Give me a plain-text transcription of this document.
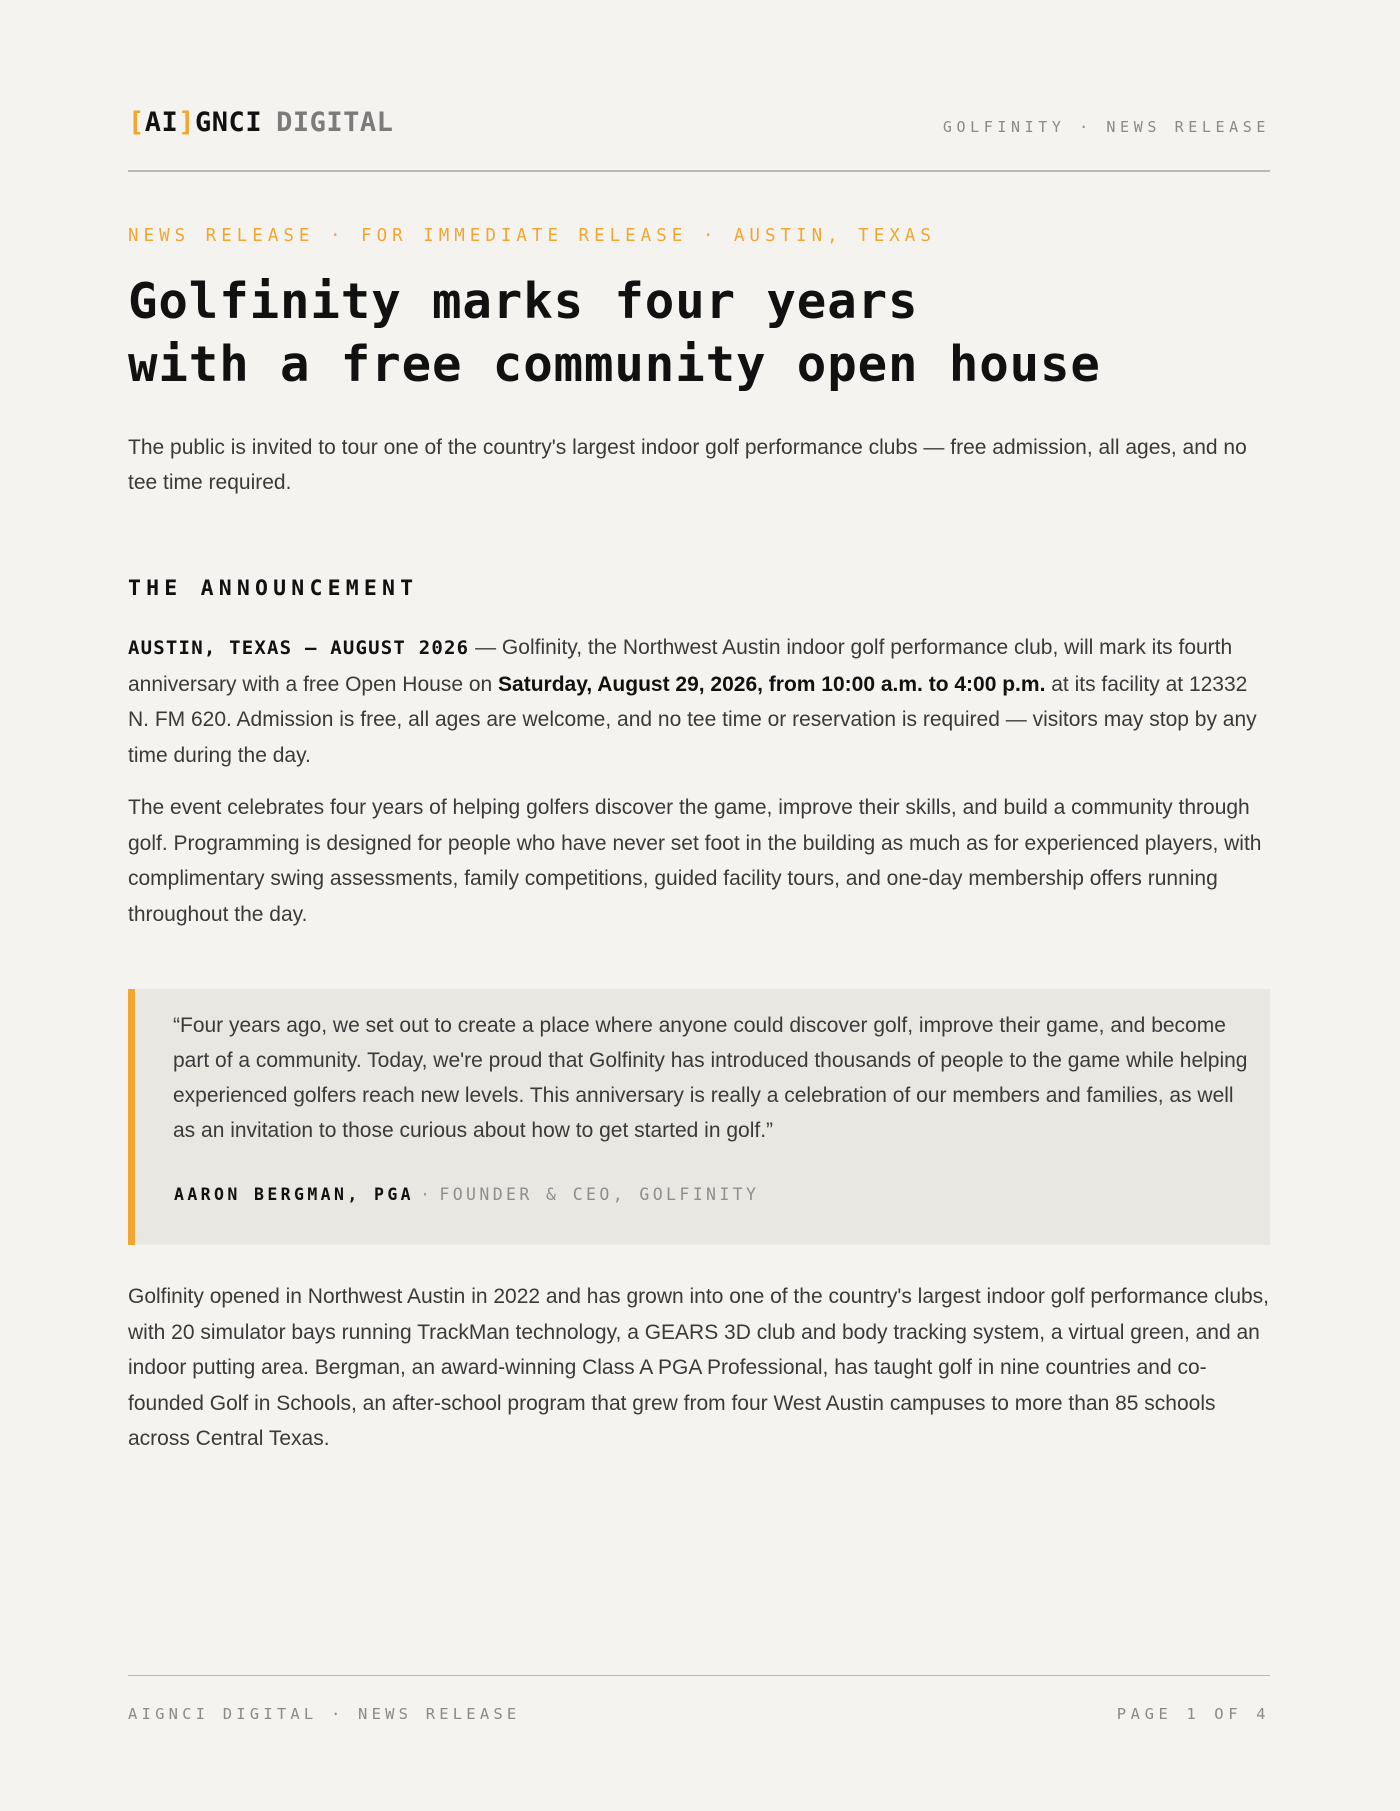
[AI]GNCI DIGITAL	GOLFINITY · NEWS RELEASE
NEWS RELEASE · FOR IMMEDIATE RELEASE · AUSTIN, TEXAS
Golfinity marks four years
with a free community open house

The public is invited to tour one of the country's largest indoor golf performance clubs — free admission, all ages, and no tee time required.

THE ANNOUNCEMENT

AUSTIN, TEXAS — AUGUST 2026 — Golfinity, the Northwest Austin indoor golf performance club, will mark its fourth anniversary with a free Open House on Saturday, August 29, 2026, from 10:00 a.m. to 4:00 p.m. at its facility at 12332 N. FM 620. Admission is free, all ages are welcome, and no tee time or reservation is required — visitors may stop by any time during the day.

The event celebrates four years of helping golfers discover the game, improve their skills, and build a community through golf. Programming is designed for people who have never set foot in the building as much as for experienced players, with complimentary swing assessments, family competitions, guided facility tours, and one-day membership offers running throughout the day.

“Four years ago, we set out to create a place where anyone could discover golf, improve their game, and become part of a community. Today, we're proud that Golfinity has introduced thousands of people to the game while helping experienced golfers reach new levels. This anniversary is really a celebration of our members and families, as well as an invitation to those curious about how to get started in golf.”

AARON BERGMAN, PGA · FOUNDER & CEO, GOLFINITY

Golfinity opened in Northwest Austin in 2022 and has grown into one of the country's largest indoor golf performance clubs, with 20 simulator bays running TrackMan technology, a GEARS 3D club and body tracking system, a virtual green, and an indoor putting area. Bergman, an award-winning Class A PGA Professional, has taught golf in nine countries and co-founded Golf in Schools, an after-school program that grew from four West Austin campuses to more than 85 schools across Central Texas.

AIGNCI DIGITAL · NEWS RELEASE	PAGE 1 OF 4
